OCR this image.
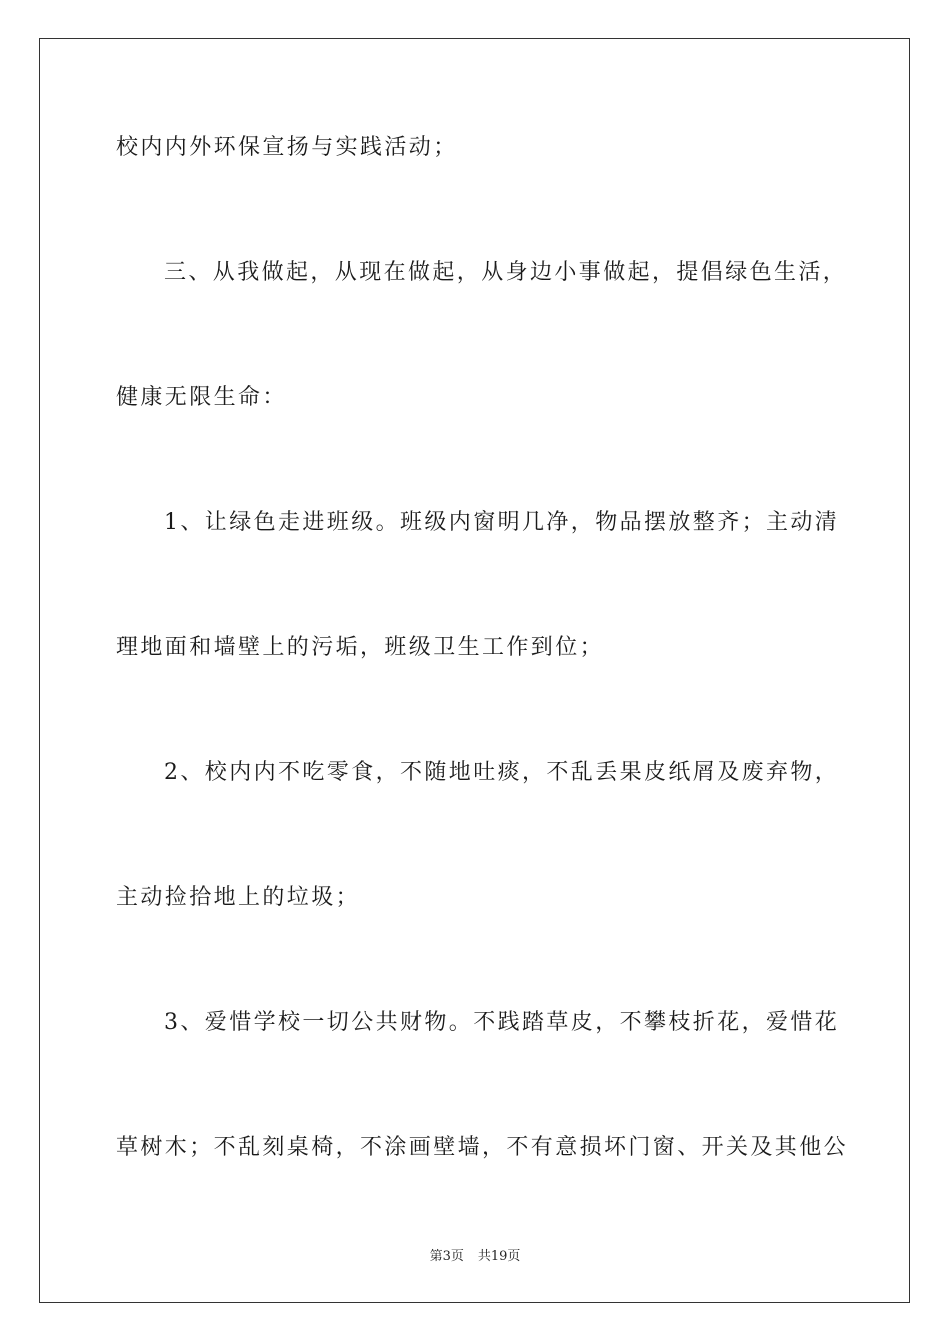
校内内外环保宣扬与实践活动；
三、从我做起，从现在做起，从身边小事做起，提倡绿色生活，
健康无限生命：
1、让绿色走进班级。班级内窗明几净，物品摆放整齐；主动清
理地面和墙壁上的污垢，班级卫生工作到位；
2、校内内不吃零食，不随地吐痰，不乱丢果皮纸屑及废弃物，
主动捡拾地上的垃圾；
3、爱惜学校一切公共财物。不践踏草皮，不攀枝折花，爱惜花
草树木；不乱刻桌椅，不涂画壁墙，不有意损坏门窗、开关及其他公
第3页 共19页
